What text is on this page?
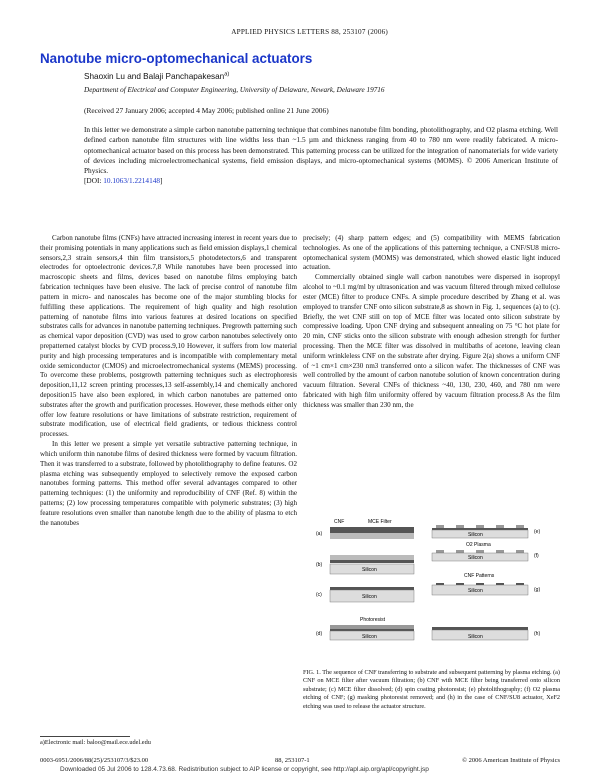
APPLIED PHYSICS LETTERS 88, 253107 (2006)
Nanotube micro-optomechanical actuators
Shaoxin Lu and Balaji Panchapakesan$^{a)}$
Department of Electrical and Computer Engineering, University of Delaware, Newark, Delaware 19716
(Received 27 January 2006; accepted 4 May 2006; published online 21 June 2006)
In this letter we demonstrate a simple carbon nanotube patterning technique that combines nanotube film bonding, photolithography, and O2 plasma etching. Well defined carbon nanotube film structures with line widths less than ~1.5 µm and thickness ranging from 40 to 780 nm were readily fabricated. A micro-optomechanical actuator based on this process has been demonstrated. This patterning process can be utilized for the integration of nanomaterials for wide variety of devices including microelectromechanical systems, field emission displays, and micro-optomechanical systems (MOMS). © 2006 American Institute of Physics.
[DOI: 10.1063/1.2214148]

Carbon nanotube films (CNFs) have attracted increasing interest in recent years due to their promising potentials in many applications such as field emission displays,1 chemical sensors,2,3 strain sensors,4 thin film transistors,5 photodetectors,6 and transparent electrodes for optoelectronic devices.7,8 While nanotubes have been processed into macroscopic sheets and films, devices based on nanotube films employing batch fabrication techniques have been elusive. The lack of precise control of nanotube film pattern in micro- and nanoscales has become one of the major stumbling blocks for fulfilling these applications. The requirement of high quality and high resolution patterning of nanotube films into various features at desired locations on specified substrates calls for advances in nanotube patterning techniques. Pregrowth patterning such as chemical vapor deposition (CVD) was used to grow carbon nanotubes selectively onto prepatterned catalyst blocks by CVD process.9,10 However, it suffers from low material purity and high processing temperatures and is incompatible with complementary metal oxide semiconductor (CMOS) and microelectromechanical systems (MEMS) processing. To overcome these problems, postgrowth patterning techniques such as electrophoresis deposition,11,12 screen printing processes,13 self-assembly,14 and chemically anchored deposition15 have also been explored, in which carbon nanotubes are patterned onto substrates after the growth and purification processes. However, these methods either only offer low feature resolutions or have limitations of substrate restriction, requirement of substrate modification, use of electrical field gradients, or tedious thickness control processes.

In this letter we present a simple yet versatile subtractive patterning technique, in which uniform thin nanotube films of desired thickness were formed by vacuum filtration. Then it was transferred to a substrate, followed by photolithography to define features. O2 plasma etching was subsequently employed to selectively remove the exposed carbon nanotubes forming patterns. This method offer several advantages compared to other patterning techniques: (1) the uniformity and reproducibility of CNF (Ref. 8) within the patterns; (2) low processing temperatures compatible with polymeric substrates; (3) high feature resolutions even smaller than nanotube length due to the ability of plasma to etch the nanotubes

precisely; (4) sharp pattern edges; and (5) compatibility with MEMS fabrication technologies. As one of the applications of this patterning technique, a CNF/SU8 micro-optomechanical system (MOMS) was demonstrated, which showed elastic light induced actuation.

Commercially obtained single wall carbon nanotubes were dispersed in isopropyl alcohol to ~0.1 mg/ml by ultrasonication and was vacuum filtered through mixed cellulose ester (MCE) filter to produce CNFs. A simple procedure described by Zhang et al. was employed to transfer CNF onto silicon substrate,8 as shown in Fig. 1, sequences (a) to (c). Briefly, the wet CNF still on top of MCE filter was located onto silicon substrate by compressive loading. Upon CNF drying and subsequent annealing on 75 °C hot plate for 20 min, CNF sticks onto the silicon substrate with enough adhesion strength for further processing. Then the MCE filter was dissolved in multibaths of acetone, leaving clean uniform wrinkleless CNF on the substrate after drying. Figure 2(a) shows a uniform CNF of ~1 cm×1 cm×230 nm3 transferred onto a silicon wafer. The thicknesses of CNF was well controlled by the amount of carbon nanotube solution of known concentration during vacuum filtration. Several CNFs of thickness ~40, 130, 230, 460, and 780 nm were fabricated with high film uniformity offered by vacuum filtration process.8 As the film thickness was smaller than 230 nm, the

CNF	MCE Filter
(a)
Silicon
(b)
Silicon
(c)
Silicon
Photoresist
(d)
Silicon	(e)
O2 Plasma
Silicon	(f)
CNF Patterns
Silicon	(g)
Silicon	(h)
FIG. 1. The sequence of CNF transferring to substrate and subsequent patterning by plasma etching. (a) CNF on MCE filter after vacuum filtration; (b) CNF with MCE filter being transferred onto silicon substrate; (c) MCE filter dissolved; (d) spin coating photoresist; (e) photolithography; (f) O2 plasma etching of CNF; (g) masking photoresist removed; and (h) in the case of CNF/SU8 actuator, XeF2 etching was used to release the actuator structure.
a)Electronic mail: baloo@mail.ece.udel.edu
0003-6951/2006/88(25)/253107/3/$23.00	88, 253107-1	© 2006 American Institute of Physics
Downloaded 05 Jul 2006 to 128.4.73.68. Redistribution subject to AIP license or copyright, see http://apl.aip.org/apl/copyright.jsp
